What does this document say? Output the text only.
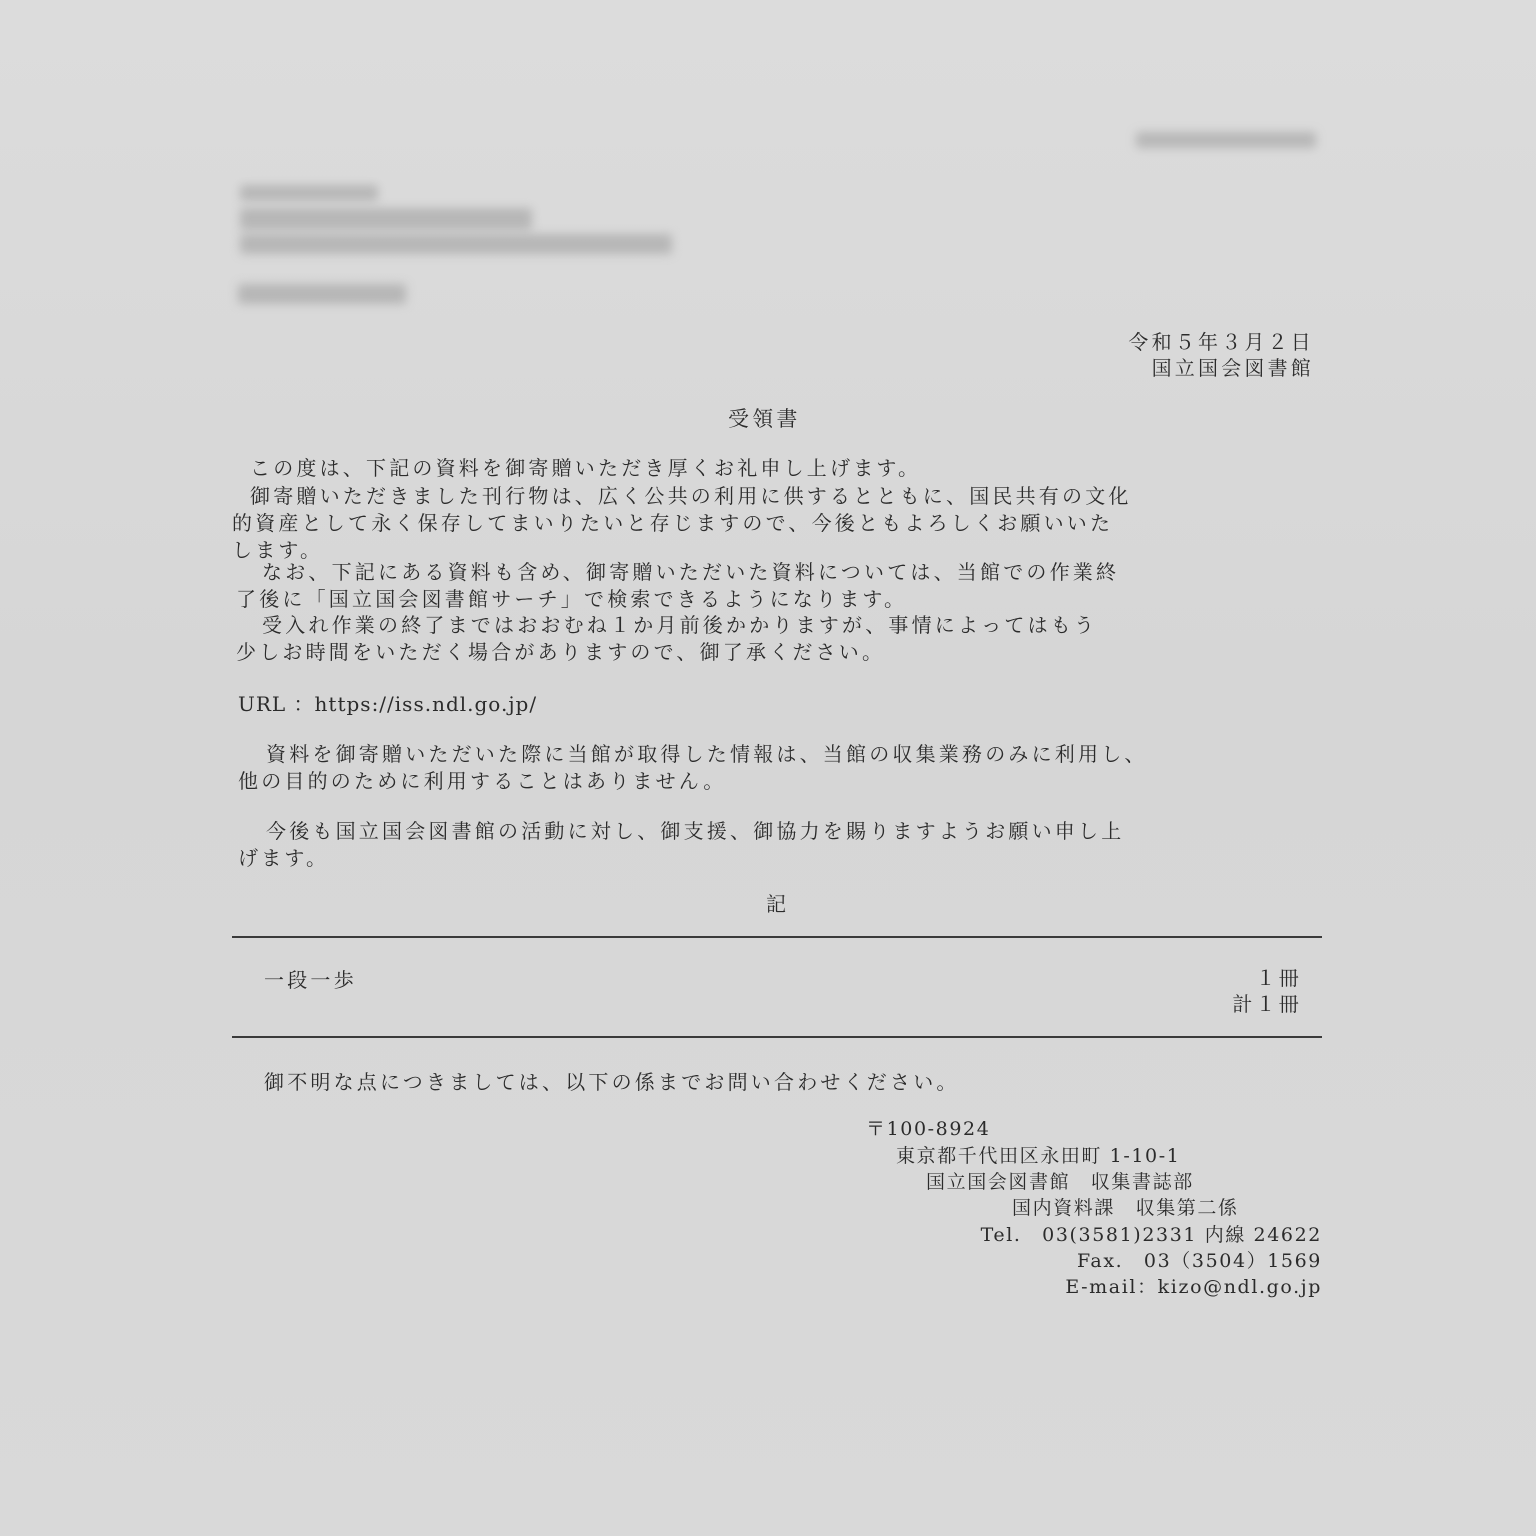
令和５年３月２日
国立国会図書館
受領書
この度は、下記の資料を御寄贈いただき厚くお礼申し上げます。
御寄贈いただきました刊行物は、広く公共の利用に供するとともに、国民共有の文化
的資産として永く保存してまいりたいと存じますので、今後ともよろしくお願いいた
します。
なお、下記にある資料も含め、御寄贈いただいた資料については、当館での作業終
了後に「国立国会図書館サーチ」で検索できるようになります。
受入れ作業の終了まではおおむね１か月前後かかりますが、事情によってはもう
少しお時間をいただく場合がありますので、御了承ください。
URL ：https://iss.ndl.go.jp/
資料を御寄贈いただいた際に当館が取得した情報は、当館の収集業務のみに利用し、
他の目的のために利用することはありません。
今後も国立国会図書館の活動に対し、御支援、御協力を賜りますようお願い申し上
げます。
記
一段一歩	１冊
計１冊
御不明な点につきましては、以下の係までお問い合わせください。
〒100-8924
東京都千代田区永田町 1-10-1
国立国会図書館　収集書誌部
国内資料課　収集第二係
Tel.　03(3581)2331 内線 24622
Fax.　03（3504）1569
E-mail：kizo@ndl.go.jp
